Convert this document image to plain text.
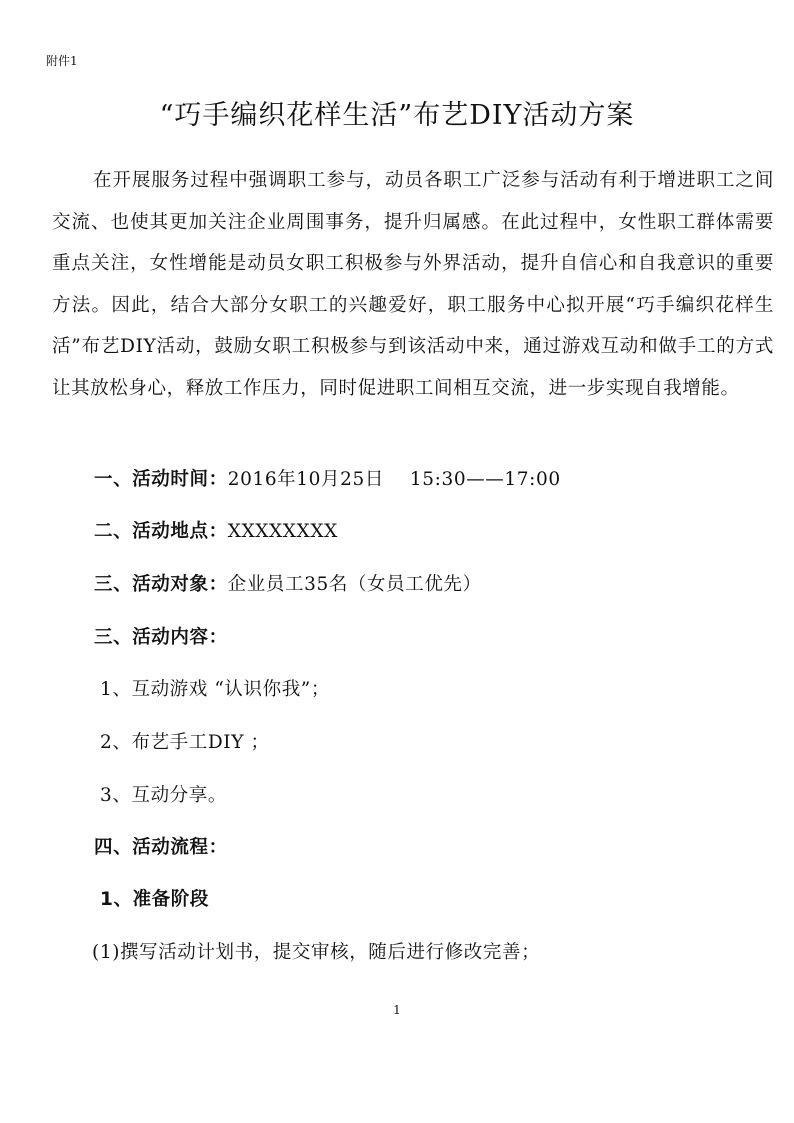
附件1
“巧手编织花样生活”布艺DIY活动方案

在开展服务过程中强调职工参与，动员各职工广泛参与活动有利于增进职工之间交流、也使其更加关注企业周围事务，提升归属感。在此过程中，女性职工群体需要重点关注，女性增能是动员女职工积极参与外界活动，提升自信心和自我意识的重要方法。因此，结合大部分女职工的兴趣爱好，职工服务中心拟开展“巧手编织花样生活”布艺DIY活动，鼓励女职工积极参与到该活动中来，通过游戏互动和做手工的方式让其放松身心，释放工作压力，同时促进职工间相互交流，进一步实现自我增能。

一、活动时间：2016年10月25日    15:30——17:00
二、活动地点：XXXXXXXX
三、活动对象：企业员工35名（女员工优先）
三、活动内容：
1、互动游戏 “认识你我”；
2、布艺手工DIY ；
3、互动分享。
四、活动流程：
1、准备阶段
(1)撰写活动计划书，提交审核，随后进行修改完善；
1
